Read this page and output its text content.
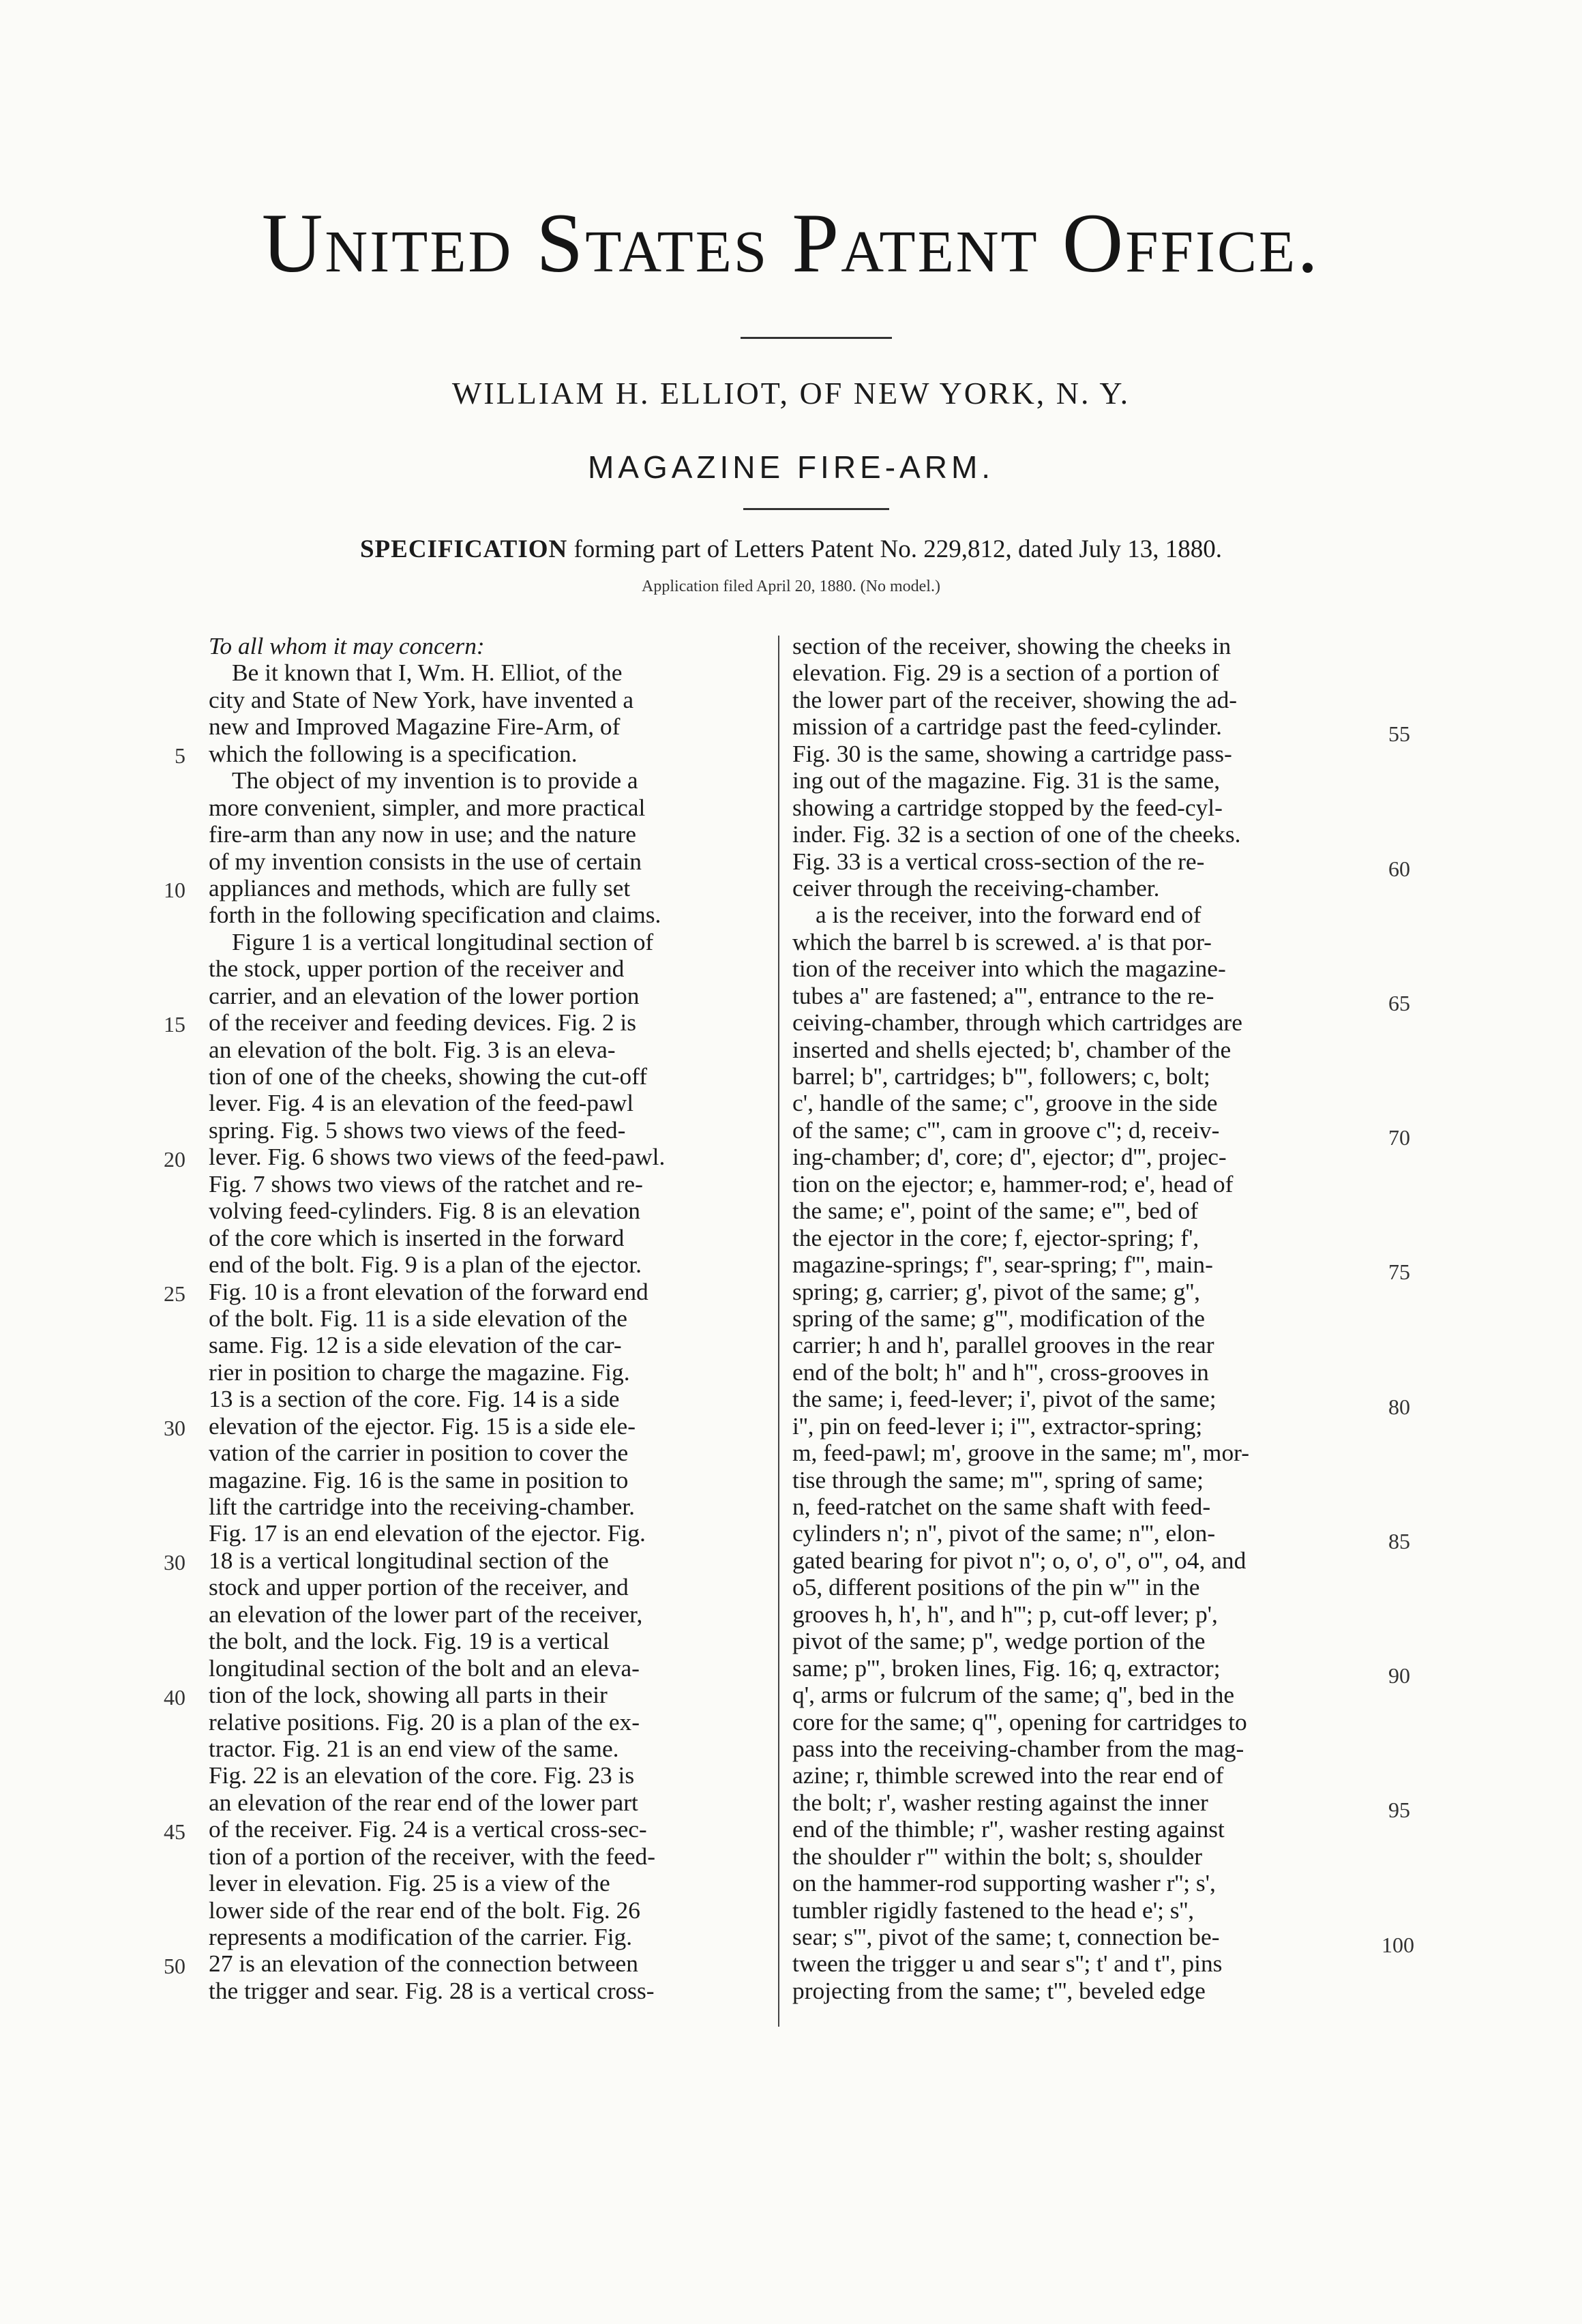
United States Patent Office.
WILLIAM H. ELLIOT, OF NEW YORK, N. Y.
MAGAZINE FIRE-ARM.
SPECIFICATION forming part of Letters Patent No. 229,812, dated July 13, 1880.
Application filed April 20, 1880. (No model.)
To all whom it may concern:
Be it known that I, Wm. H. Elliot, of the
city and State of New York, have invented a
new and Improved Magazine Fire-Arm, of
which the following is a specification.
The object of my invention is to provide a
more convenient, simpler, and more practical
fire-arm than any now in use; and the nature
of my invention consists in the use of certain
appliances and methods, which are fully set
forth in the following specification and claims.
Figure 1 is a vertical longitudinal section of
the stock, upper portion of the receiver and
carrier, and an elevation of the lower portion
of the receiver and feeding devices. Fig. 2 is
an elevation of the bolt. Fig. 3 is an eleva-
tion of one of the cheeks, showing the cut-off
lever. Fig. 4 is an elevation of the feed-pawl
spring. Fig. 5 shows two views of the feed-
lever. Fig. 6 shows two views of the feed-pawl.
Fig. 7 shows two views of the ratchet and re-
volving feed-cylinders. Fig. 8 is an elevation
of the core which is inserted in the forward
end of the bolt. Fig. 9 is a plan of the ejector.
Fig. 10 is a front elevation of the forward end
of the bolt. Fig. 11 is a side elevation of the
same. Fig. 12 is a side elevation of the car-
rier in position to charge the magazine. Fig.
13 is a section of the core. Fig. 14 is a side
elevation of the ejector. Fig. 15 is a side ele-
vation of the carrier in position to cover the
magazine. Fig. 16 is the same in position to
lift the cartridge into the receiving-chamber.
Fig. 17 is an end elevation of the ejector. Fig.
18 is a vertical longitudinal section of the
stock and upper portion of the receiver, and
an elevation of the lower part of the receiver,
the bolt, and the lock. Fig. 19 is a vertical
longitudinal section of the bolt and an eleva-
tion of the lock, showing all parts in their
relative positions. Fig. 20 is a plan of the ex-
tractor. Fig. 21 is an end view of the same.
Fig. 22 is an elevation of the core. Fig. 23 is
an elevation of the rear end of the lower part
of the receiver. Fig. 24 is a vertical cross-sec-
tion of a portion of the receiver, with the feed-
lever in elevation. Fig. 25 is a view of the
lower side of the rear end of the bolt. Fig. 26
represents a modification of the carrier. Fig.
27 is an elevation of the connection between
the trigger and sear. Fig. 28 is a vertical cross-
section of the receiver, showing the cheeks in
elevation. Fig. 29 is a section of a portion of
the lower part of the receiver, showing the ad-
mission of a cartridge past the feed-cylinder.
Fig. 30 is the same, showing a cartridge pass-
ing out of the magazine. Fig. 31 is the same,
showing a cartridge stopped by the feed-cyl-
inder. Fig. 32 is a section of one of the cheeks.
Fig. 33 is a vertical cross-section of the re-
ceiver through the receiving-chamber.
a is the receiver, into the forward end of
which the barrel b is screwed. a' is that por-
tion of the receiver into which the magazine-
tubes a'' are fastened; a''', entrance to the re-
ceiving-chamber, through which cartridges are
inserted and shells ejected; b', chamber of the
barrel; b'', cartridges; b''', followers; c, bolt;
c', handle of the same; c'', groove in the side
of the same; c''', cam in groove c''; d, receiv-
ing-chamber; d', core; d'', ejector; d''', projec-
tion on the ejector; e, hammer-rod; e', head of
the same; e'', point of the same; e''', bed of
the ejector in the core; f, ejector-spring; f',
magazine-springs; f'', sear-spring; f''', main-
spring; g, carrier; g', pivot of the same; g'',
spring of the same; g''', modification of the
carrier; h and h', parallel grooves in the rear
end of the bolt; h'' and h''', cross-grooves in
the same; i, feed-lever; i', pivot of the same;
i'', pin on feed-lever i; i''', extractor-spring;
m, feed-pawl; m', groove in the same; m'', mor-
tise through the same; m''', spring of same;
n, feed-ratchet on the same shaft with feed-
cylinders n'; n'', pivot of the same; n''', elon-
gated bearing for pivot n''; o, o', o'', o''', o4, and
o5, different positions of the pin w''' in the
grooves h, h', h'', and h'''; p, cut-off lever; p',
pivot of the same; p'', wedge portion of the
same; p''', broken lines, Fig. 16; q, extractor;
q', arms or fulcrum of the same; q'', bed in the
core for the same; q''', opening for cartridges to
pass into the receiving-chamber from the mag-
azine; r, thimble screwed into the rear end of
the bolt; r', washer resting against the inner
end of the thimble; r'', washer resting against
the shoulder r''' within the bolt; s, shoulder
on the hammer-rod supporting washer r''; s',
tumbler rigidly fastened to the head e'; s'',
sear; s''', pivot of the same; t, connection be-
tween the trigger u and sear s''; t' and t'', pins
projecting from the same; t''', beveled edge
5
10
15
20
25
30
30
40
45
50
55
60
65
70
75
80
85
90
95
100
